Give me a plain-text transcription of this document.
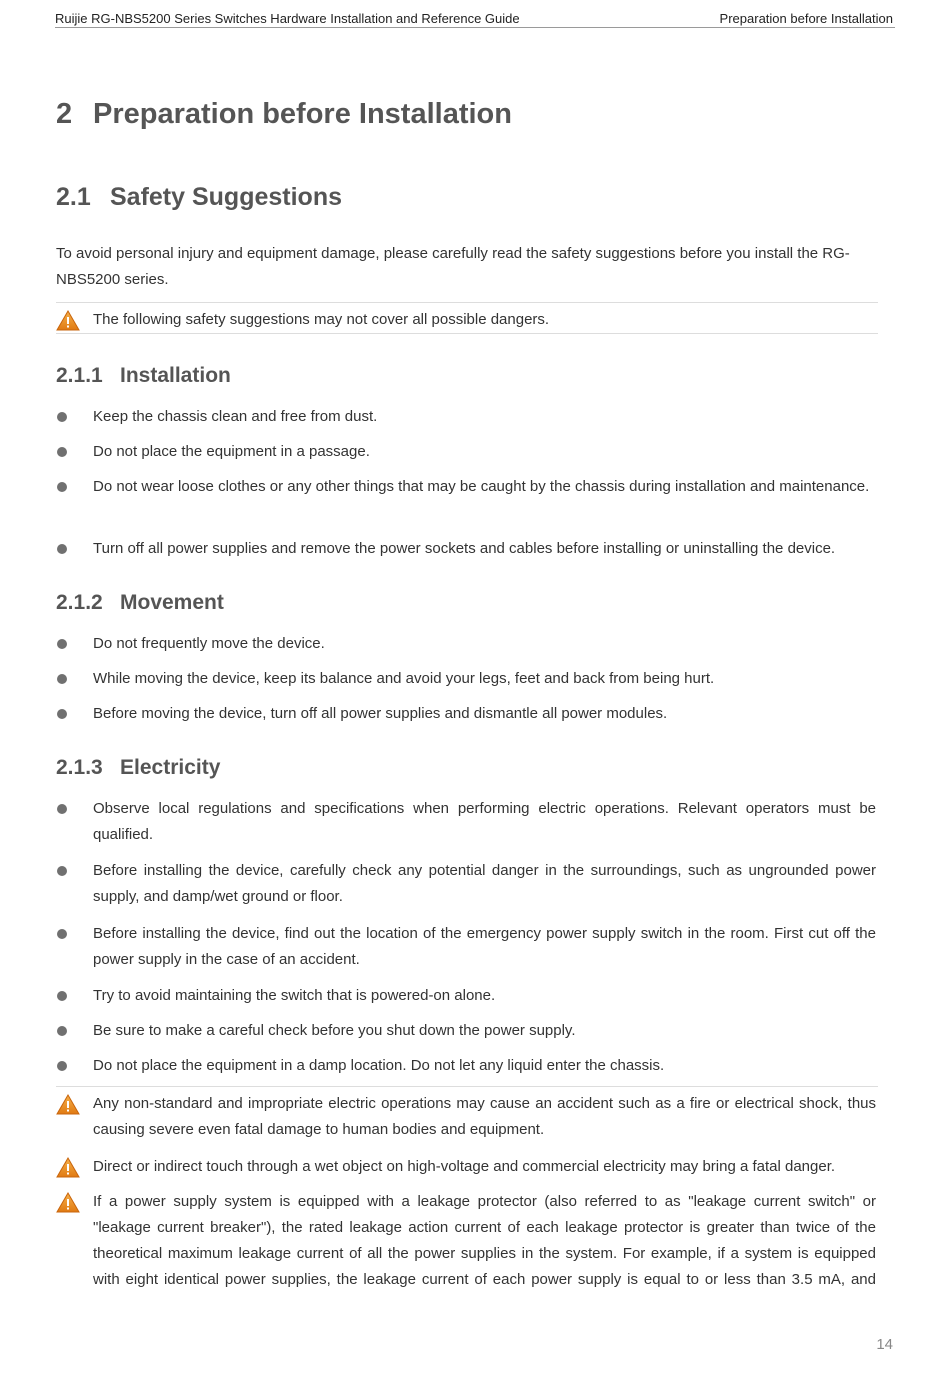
Ruijie RG-NBS5200 Series Switches Hardware Installation and Reference Guide	Preparation before Installation
2 Preparation before Installation
2.1 Safety Suggestions

To avoid personal injury and equipment damage, please carefully read the safety suggestions before you install the RG-NBS5200 series.

The following safety suggestions may not cover all possible dangers.

2.1.1 Installation

Keep the chassis clean and free from dust.

Do not place the equipment in a passage.

Do not wear loose clothes or any other things that may be caught by the chassis during installation and maintenance.

Turn off all power supplies and remove the power sockets and cables before installing or uninstalling the device.

2.1.2 Movement

Do not frequently move the device.

While moving the device, keep its balance and avoid your legs, feet and back from being hurt.

Before moving the device, turn off all power supplies and dismantle all power modules.

2.1.3 Electricity

Observe local regulations and specifications when performing electric operations. Relevant operators must be qualified.

Before installing the device, carefully check any potential danger in the surroundings, such as ungrounded power supply, and damp/wet ground or floor.

Before installing the device, find out the location of the emergency power supply switch in the room. First cut off the power supply in the case of an accident.

Try to avoid maintaining the switch that is powered-on alone.

Be sure to make a careful check before you shut down the power supply.

Do not place the equipment in a damp location. Do not let any liquid enter the chassis.

Any non-standard and impropriate electric operations may cause an accident such as a fire or electrical shock, thus causing severe even fatal damage to human bodies and equipment.

Direct or indirect touch through a wet object on high-voltage and commercial electricity may bring a fatal danger.

If a power supply system is equipped with a leakage protector (also referred to as "leakage current switch" or "leakage current breaker"), the rated leakage action current of each leakage protector is greater than twice of the theoretical maximum leakage current of all the power supplies in the system. For example, if a system is equipped with eight identical power supplies, the leakage current of each power supply is equal to or less than 3.5 mA, and

14
